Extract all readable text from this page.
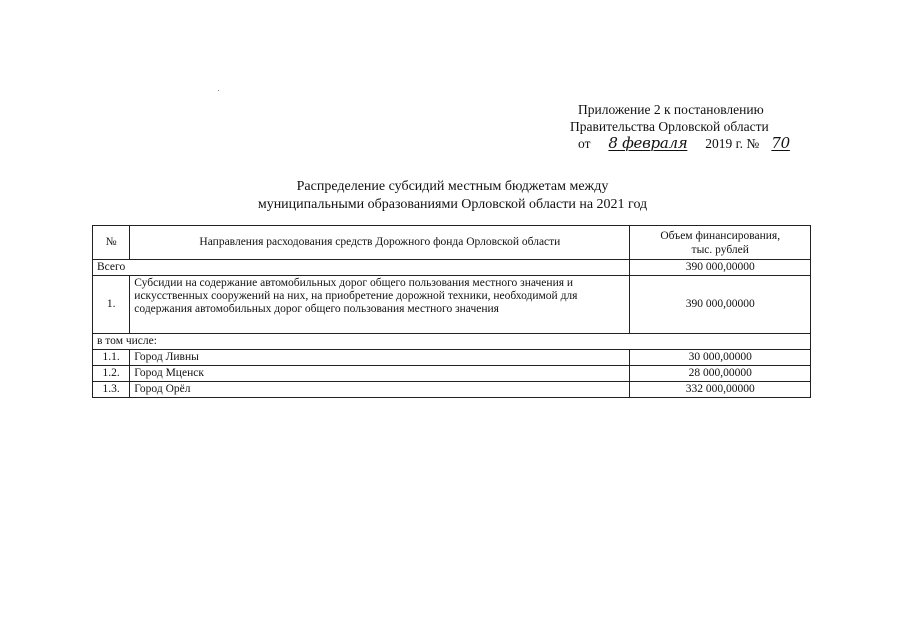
Приложение 2 к постановлению
Правительства Орловской области
от 8 февраля 2019 г. № 70
Распределение субсидий местным бюджетам между
муниципальными образованиями Орловской области на 2021 год
№	Направления расходования средств Дорожного фонда Орловской области	Объем финансирования,
тыс. рублей

Всего		390 000,00000
1.	Субсидии на содержание автомобильных дорог общего пользования местного значения и искусственных сооружений на них, на приобретение дорожной техники, необходимой для содержания автомобильных дорог общего пользования местного значения	390 000,00000
в том числе:		
1.1.	Город Ливны	30 000,00000
1.2.	Город Мценск	28 000,00000
1.3.	Город Орёл	332 000,00000
